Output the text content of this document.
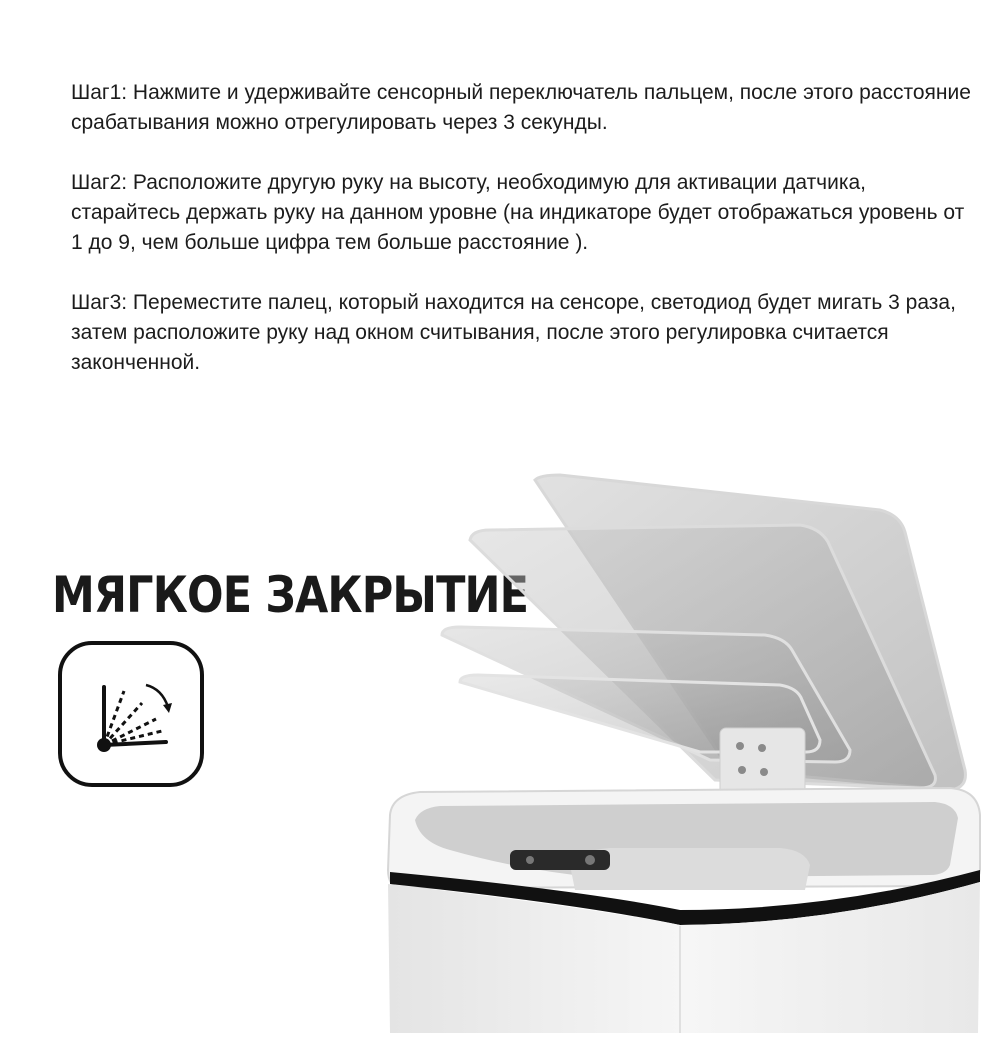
Шаг1: Нажмите и удерживайте сенсорный переключатель пальцем, после этого расстояние срабатывания можно отрегулировать через 3 секунды.

Шаг2: Расположите другую руку на высоту, необходимую для активации датчика, старайтесь держать руку на данном уровне (на индикаторе будет отображаться уровень от 1 до 9, чем больше цифра тем больше расстояние ).

Шаг3: Переместите палец, который находится на сенсоре, светодиод будет мигать 3 раза, затем расположите руку над окном считывания, после этого регулировка считается законченной.

МЯГКОЕ ЗАКРЫТИЕ
